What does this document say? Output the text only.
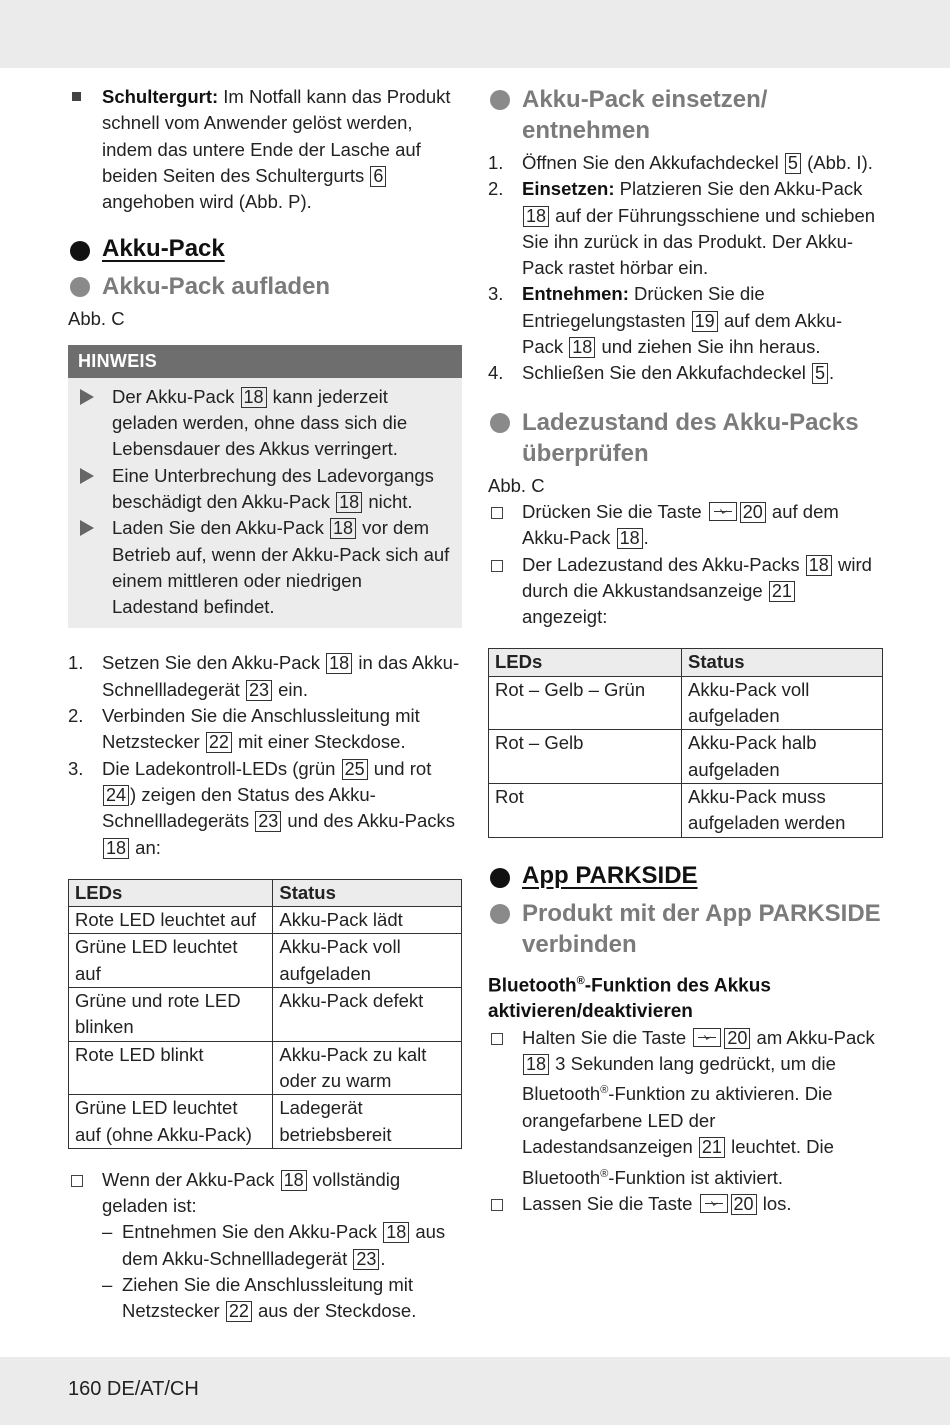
Schultergurt: Im Notfall kann das Produkt schnell vom Anwender gelöst werden, indem das untere Ende der Lasche auf beiden Seiten des Schultergurts 6 angehoben wird (Abb. P).
Akku-Pack
Akku-Pack aufladen
Abb. C
HINWEIS
Der Akku-Pack 18 kann jederzeit geladen werden, ohne dass sich die Lebensdauer des Akkus verringert.
Eine Unterbrechung des Ladevorgangs beschädigt den Akku-Pack 18 nicht.
Laden Sie den Akku-Pack 18 vor dem Betrieb auf, wenn der Akku-Pack sich auf einem mittleren oder niedrigen Ladestand befindet.
1. Setzen Sie den Akku-Pack 18 in das Akku-Schnellladegerät 23 ein.
2. Verbinden Sie die Anschlussleitung mit Netzstecker 22 mit einer Steckdose.
3. Die Ladekontroll-LEDs (grün 25 und rot 24 ) zeigen den Status des Akku-Schnellladegeräts 23 und des Akku-Packs 18 an:
LEDs	Status
Rote LED leuchtet auf	Akku-Pack lädt
Grüne LED leuchtet auf	Akku-Pack voll aufgeladen
Grüne und rote LED blinken	Akku-Pack defekt
Rote LED blinkt	Akku-Pack zu kalt oder zu warm
Grüne LED leuchtet auf (ohne Akku-Pack)	Ladegerät betriebsbereit
Wenn der Akku-Pack 18 vollständig geladen ist:
– Entnehmen Sie den Akku-Pack 18 aus dem Akku-Schnellladegerät 23 .
– Ziehen Sie die Anschlussleitung mit Netzstecker 22 aus der Steckdose.
Akku-Pack einsetzen/ entnehmen
1. Öffnen Sie den Akkufachdeckel 5 (Abb. I).
2. Einsetzen: Platzieren Sie den Akku-Pack 18 auf der Führungsschiene und schieben Sie ihn zurück in das Produkt. Der Akku-Pack rastet hörbar ein.
3. Entnehmen: Drücken Sie die Entriegelungstasten 19 auf dem Akku-Pack 18 und ziehen Sie ihn heraus.
4. Schließen Sie den Akkufachdeckel 5 .
Ladezustand des Akku-Packs überprüfen
Abb. C
Drücken Sie die Taste 20 auf dem Akku-Pack 18 .
Der Ladezustand des Akku-Packs 18 wird durch die Akkustandsanzeige 21 angezeigt:
LEDs	Status
Rot – Gelb – Grün	Akku-Pack voll aufgeladen
Rot – Gelb	Akku-Pack halb aufgeladen
Rot	Akku-Pack muss aufgeladen werden
App PARKSIDE
Produkt mit der App PARKSIDE verbinden
Bluetooth®-Funktion des Akkus aktivieren/deaktivieren
Halten Sie die Taste 20 am Akku-Pack 18 3 Sekunden lang gedrückt, um die Bluetooth®-Funktion zu aktivieren. Die orangefarbene LED der Ladestandsanzeigen 21 leuchtet. Die Bluetooth®-Funktion ist aktiviert.
Lassen Sie die Taste 20 los.
160 DE/AT/CH
